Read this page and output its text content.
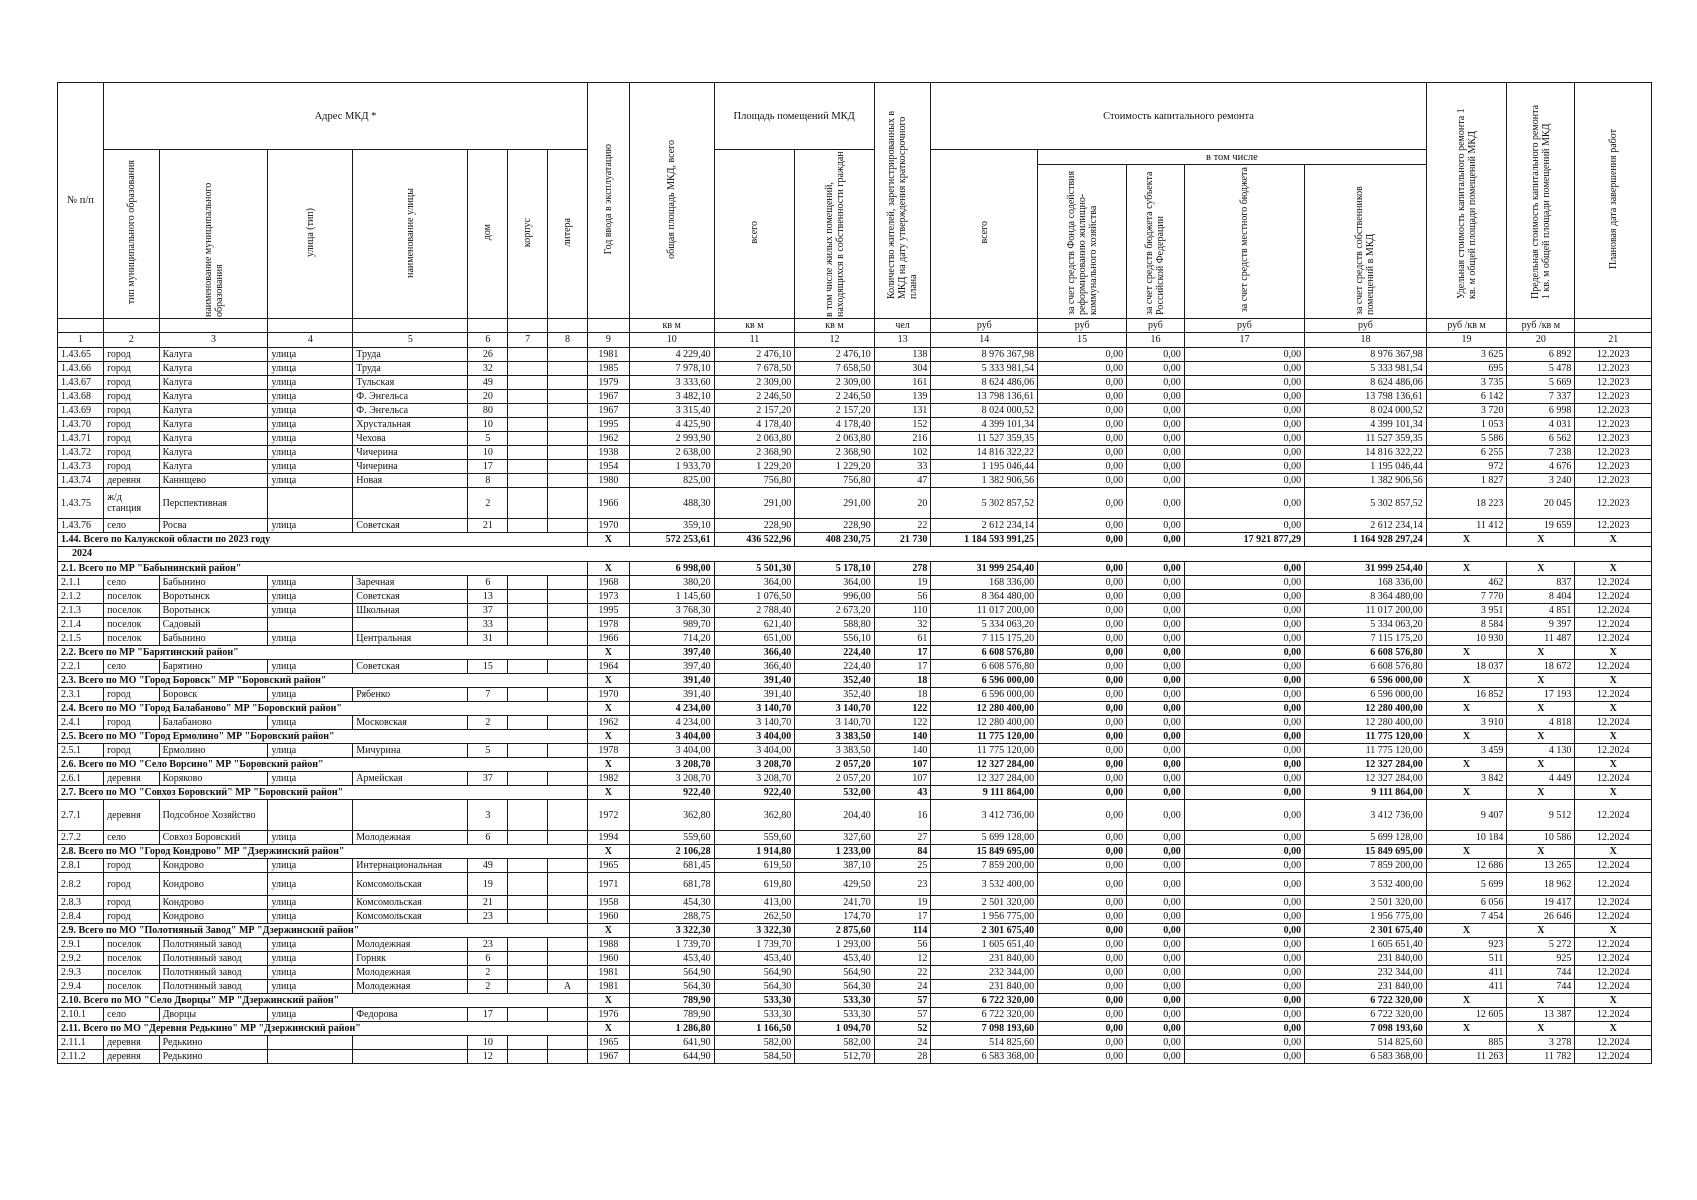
№ п/п	Адрес МКД *							Год ввода в эксплуатацию	общая площадь МКД, всего	Площадь помещений МКД		Количество жителей, зарегистрированных в МКД на дату утверждения краткосрочного плана	Стоимость капитального ремонта					Удельная стоимость капитального ремонта 1 кв. м общей площади помещений МКД	Предельная стоимость капитального ремонта 1 кв. м общей площади помещений МКД	Плановая дата завершения работ
	тип муниципального образования	наименование муниципального образования	улица (тип)	наименование улицы	дом	корпус	литера			всего	в том числе жилых помещений, находящихся в собственности граждан		всего	в том числе						
														за счет средств Фонда содействия реформированию жилищно-коммунального хозяйства	за счет средств бюджета субъекта Российской Федерации	за счет средств местного бюджета	за счет средств собственников помещений в МКД			
									кв м	кв м	кв м	чел	руб	руб	руб	руб	руб	руб /кв м	руб /кв м	
1	2	3	4	5	6	7	8	9	10	11	12	13	14	15	16	17	18	19	20	21
1.43.65	город	Калуга	улица	Труда	26			1981	4 229,40	2 476,10	2 476,10	138	8 976 367,98	0,00	0,00	0,00	8 976 367,98	3 625	6 892	12.2023
1.43.66	город	Калуга	улица	Труда	32			1985	7 978,10	7 678,50	7 658,50	304	5 333 981,54	0,00	0,00	0,00	5 333 981,54	695	5 478	12.2023
1.43.67	город	Калуга	улица	Тульская	49			1979	3 333,60	2 309,00	2 309,00	161	8 624 486,06	0,00	0,00	0,00	8 624 486,06	3 735	5 669	12.2023
1.43.68	город	Калуга	улица	Ф. Энгельса	20			1967	3 482,10	2 246,50	2 246,50	139	13 798 136,61	0,00	0,00	0,00	13 798 136,61	6 142	7 337	12.2023
1.43.69	город	Калуга	улица	Ф. Энгельса	80			1967	3 315,40	2 157,20	2 157,20	131	8 024 000,52	0,00	0,00	0,00	8 024 000,52	3 720	6 998	12.2023
1.43.70	город	Калуга	улица	Хрустальная	10			1995	4 425,90	4 178,40	4 178,40	152	4 399 101,34	0,00	0,00	0,00	4 399 101,34	1 053	4 031	12.2023
1.43.71	город	Калуга	улица	Чехова	5			1962	2 993,90	2 063,80	2 063,80	216	11 527 359,35	0,00	0,00	0,00	11 527 359,35	5 586	6 562	12.2023
1.43.72	город	Калуга	улица	Чичерина	10			1938	2 638,00	2 368,90	2 368,90	102	14 816 322,22	0,00	0,00	0,00	14 816 322,22	6 255	7 238	12.2023
1.43.73	город	Калуга	улица	Чичерина	17			1954	1 933,70	1 229,20	1 229,20	33	1 195 046,44	0,00	0,00	0,00	1 195 046,44	972	4 676	12.2023
1.43.74	деревня	Каннщево	улица	Новая	8			1980	825,00	756,80	756,80	47	1 382 906,56	0,00	0,00	0,00	1 382 906,56	1 827	3 240	12.2023
1.43.75	ж/д станция	Перспективная			2			1966	488,30	291,00	291,00	20	5 302 857,52	0,00	0,00	0,00	5 302 857,52	18 223	20 045	12.2023
1.43.76	село	Росва	улица	Советская	21			1970	359,10	228,90	228,90	22	2 612 234,14	0,00	0,00	0,00	2 612 234,14	11 412	19 659	12.2023
1.44. Всего по Калужской области по 2023 году								X	572 253,61	436 522,96	408 230,75	21 730	1 184 593 991,25	0,00	0,00	17 921 877,29	1 164 928 297,24	X	X	X
2024																				
2.1. Всего по МР "Бабынинский район"								X	6 998,00	5 501,30	5 178,10	278	31 999 254,40	0,00	0,00	0,00	31 999 254,40	X	X	X
2.1.1	село	Бабынино	улица	Заречная	6			1968	380,20	364,00	364,00	19	168 336,00	0,00	0,00	0,00	168 336,00	462	837	12.2024
2.1.2	поселок	Воротынск	улица	Советская	13			1973	1 145,60	1 076,50	996,00	56	8 364 480,00	0,00	0,00	0,00	8 364 480,00	7 770	8 404	12.2024
2.1.3	поселок	Воротынск	улица	Школьная	37			1995	3 768,30	2 788,40	2 673,20	110	11 017 200,00	0,00	0,00	0,00	11 017 200,00	3 951	4 851	12.2024
2.1.4	поселок	Садовый			33			1978	989,70	621,40	588,80	32	5 334 063,20	0,00	0,00	0,00	5 334 063,20	8 584	9 397	12.2024
2.1.5	поселок	Бабынино	улица	Центральная	31			1966	714,20	651,00	556,10	61	7 115 175,20	0,00	0,00	0,00	7 115 175,20	10 930	11 487	12.2024
2.2. Всего по МР "Барятинский район"								X	397,40	366,40	224,40	17	6 608 576,80	0,00	0,00	0,00	6 608 576,80	X	X	X
2.2.1	село	Барятино	улица	Советская	15			1964	397,40	366,40	224,40	17	6 608 576,80	0,00	0,00	0,00	6 608 576,80	18 037	18 672	12.2024
2.3. Всего по МО "Город Боровск" МР "Боровский район"								X	391,40	391,40	352,40	18	6 596 000,00	0,00	0,00	0,00	6 596 000,00	X	X	X
2.3.1	город	Боровск	улица	Рябенко	7			1970	391,40	391,40	352,40	18	6 596 000,00	0,00	0,00	0,00	6 596 000,00	16 852	17 193	12.2024
2.4. Всего по МО "Город Балабаново" МР "Боровский район"								X	4 234,00	3 140,70	3 140,70	122	12 280 400,00	0,00	0,00	0,00	12 280 400,00	X	X	X
2.4.1	город	Балабаново	улица	Московская	2			1962	4 234,00	3 140,70	3 140,70	122	12 280 400,00	0,00	0,00	0,00	12 280 400,00	3 910	4 818	12.2024
2.5. Всего по МО "Город Ермолино" МР "Боровский район"								X	3 404,00	3 404,00	3 383,50	140	11 775 120,00	0,00	0,00	0,00	11 775 120,00	X	X	X
2.5.1	город	Ермолино	улица	Мичурина	5			1978	3 404,00	3 404,00	3 383,50	140	11 775 120,00	0,00	0,00	0,00	11 775 120,00	3 459	4 130	12.2024
2.6. Всего по МО "Село Ворсино" МР "Боровский район"								X	3 208,70	3 208,70	2 057,20	107	12 327 284,00	0,00	0,00	0,00	12 327 284,00	X	X	X
2.6.1	деревня	Коряково	улица	Армейская	37			1982	3 208,70	3 208,70	2 057,20	107	12 327 284,00	0,00	0,00	0,00	12 327 284,00	3 842	4 449	12.2024
2.7. Всего по МО "Совхоз Боровский" МР "Боровский район"								X	922,40	922,40	532,00	43	9 111 864,00	0,00	0,00	0,00	9 111 864,00	X	X	X
2.7.1	деревня	Подсобное Хозяйство			3			1972	362,80	362,80	204,40	16	3 412 736,00	0,00	0,00	0,00	3 412 736,00	9 407	9 512	12.2024
2.7.2	село	Совхоз Боровский	улица	Молодежная	6			1994	559,60	559,60	327,60	27	5 699 128,00	0,00	0,00	0,00	5 699 128,00	10 184	10 586	12.2024
2.8. Всего по МО "Город Кондрово" МР "Дзержинский район"								X	2 106,28	1 914,80	1 233,00	84	15 849 695,00	0,00	0,00	0,00	15 849 695,00	X	X	X
2.8.1	город	Кондрово	улица	Интернациональная	49			1965	681,45	619,50	387,10	25	7 859 200,00	0,00	0,00	0,00	7 859 200,00	12 686	13 265	12.2024
2.8.2	город	Кондрово	улица	Комсомольская	19			1971	681,78	619,80	429,50	23	3 532 400,00	0,00	0,00	0,00	3 532 400,00	5 699	18 962	12.2024
2.8.3	город	Кондрово	улица	Комсомольская	21			1958	454,30	413,00	241,70	19	2 501 320,00	0,00	0,00	0,00	2 501 320,00	6 056	19 417	12.2024
2.8.4	город	Кондрово	улица	Комсомольская	23			1960	288,75	262,50	174,70	17	1 956 775,00	0,00	0,00	0,00	1 956 775,00	7 454	26 646	12.2024
2.9. Всего по МО "Полотняный Завод" МР "Дзержинский район"								X	3 322,30	3 322,30	2 875,60	114	2 301 675,40	0,00	0,00	0,00	2 301 675,40	X	X	X
2.9.1	поселок	Полотняный завод	улица	Молодежная	23			1988	1 739,70	1 739,70	1 293,00	56	1 605 651,40	0,00	0,00	0,00	1 605 651,40	923	5 272	12.2024
2.9.2	поселок	Полотняный завод	улица	Горняк	6			1960	453,40	453,40	453,40	12	231 840,00	0,00	0,00	0,00	231 840,00	511	925	12.2024
2.9.3	поселок	Полотняный завод	улица	Молодежная	2			1981	564,90	564,90	564,90	22	232 344,00	0,00	0,00	0,00	232 344,00	411	744	12.2024
2.9.4	поселок	Полотняный завод	улица	Молодежная	2		А	1981	564,30	564,30	564,30	24	231 840,00	0,00	0,00	0,00	231 840,00	411	744	12.2024
2.10. Всего по МО "Село Дворцы" МР "Дзержинский район"								X	789,90	533,30	533,30	57	6 722 320,00	0,00	0,00	0,00	6 722 320,00	X	X	X
2.10.1	село	Дворцы	улица	Федорова	17			1976	789,90	533,30	533,30	57	6 722 320,00	0,00	0,00	0,00	6 722 320,00	12 605	13 387	12.2024
2.11. Всего по МО "Деревня Редькино" МР "Дзержинский район"								X	1 286,80	1 166,50	1 094,70	52	7 098 193,60	0,00	0,00	0,00	7 098 193,60	X	X	X
2.11.1	деревня	Редькино			10			1965	641,90	582,00	582,00	24	514 825,60	0,00	0,00	0,00	514 825,60	885	3 278	12.2024
2.11.2	деревня	Редькино			12			1967	644,90	584,50	512,70	28	6 583 368,00	0,00	0,00	0,00	6 583 368,00	11 263	11 782	12.2024
